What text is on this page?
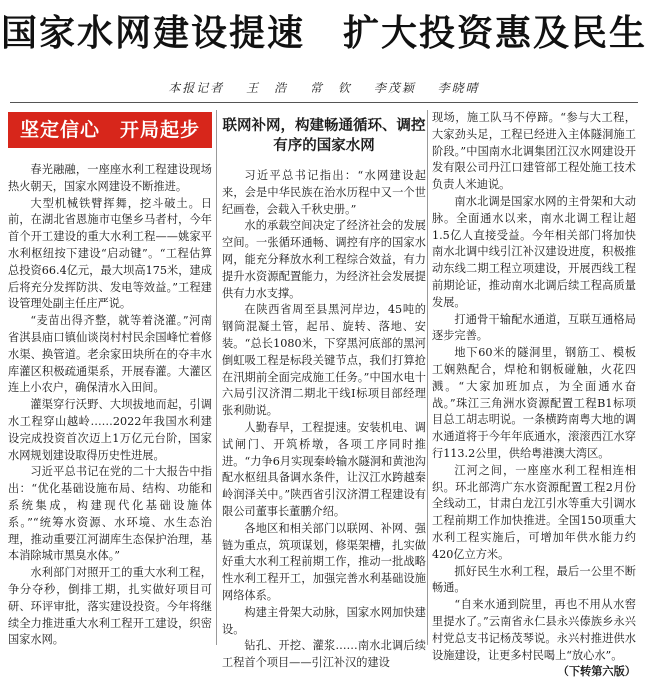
国家水网建设提速　扩大投资惠及民生
本报记者 王　浩 常　钦 李茂颖 李晓晴
坚定信心　开局起步

春光融融，一座座水利工程建设现场热火朝天，国家水网建设不断推进。

大型机械铁臂挥舞，挖斗破土。日前，在湖北省恩施市屯堡乡马者村，今年首个开工建设的重大水利工程——姚家平水利枢纽按下建设“启动键”。“工程估算总投资66.4亿元，最大坝高175米，建成后将充分发挥防洪、发电等效益。”工程建设管理处副主任庄严说。

“麦苗出得齐整，就等着浇灌。”河南省淇县庙口镇仙谈岗村村民余国峰忙着修水渠、换管道。老余家田块所在的夺丰水库灌区积极疏通渠系，开展春灌。大灌区连上小农户，确保清水入田间。

灌渠穿行沃野、大坝拔地而起，引调水工程穿山越岭……2022年我国水利建设完成投资首次迈上1万亿元台阶，国家水网规划建设取得历史性进展。

习近平总书记在党的二十大报告中指出：“优化基础设施布局、结构、功能和系统集成，构建现代化基础设施体系。”“统筹水资源、水环境、水生态治理，推动重要江河湖库生态保护治理，基本消除城市黑臭水体。”

水利部门对照开工的重大水利工程，争分夺秒，倒排工期，扎实做好项目可研、环评审批，落实建设投资。今年将继续全力推进重大水利工程开工建设，织密国家水网。

联网补网，构建畅通循环、调控有序的国家水网

习近平总书记指出：“水网建设起来，会是中华民族在治水历程中又一个世纪画卷，会载入千秋史册。”

水的承载空间决定了经济社会的发展空间。一张循环通畅、调控有序的国家水网，能充分释放水利工程综合效益，有力提升水资源配置能力，为经济社会发展提供有力水支撑。

在陕西省周至县黑河岸边，45吨的钢筒混凝土管，起吊、旋转、落地、安装。“总长1080米，下穿黑河底部的黑河倒虹吸工程是标段关键节点，我们打算抢在汛期前全面完成施工任务。”中国水电十六局引汉济渭二期北干线Ⅰ标项目部经理张利勋说。

人勤春早，工程提速。安装机电、调试闸门、开筑桥墩，各项工序同时推进。“力争6月实现秦岭输水隧洞和黄池沟配水枢纽具备调水条件，让汉江水跨越秦岭润泽关中。”陕西省引汉济渭工程建设有限公司董事长董鹏介绍。

各地区和相关部门以联网、补网、强链为重点，筑项谋划，修渠架槽，扎实做好重大水利工程前期工作，推动一批战略性水利工程开工，加强完善水利基础设施网络体系。

构建主骨架大动脉，国家水网加快建设。

钻孔、开挖、灌浆……南水北调后续工程首个项目——引江补汉的建设

现场，施工队马不停蹄。“参与大工程，大家劲头足，工程已经进入主体隧洞施工阶段。”中国南水北调集团江汉水网建设开发有限公司丹江口建管部工程处施工技术负责人米迪说。

南水北调是国家水网的主骨架和大动脉。全面通水以来，南水北调工程让超1.5亿人直接受益。今年相关部门将加快南水北调中线引江补汉建设进度，积极推动东线二期工程立项建设，开展西线工程前期论证，推动南水北调后续工程高质量发展。

打通骨干输配水通道，互联互通格局逐步完善。

地下60米的隧洞里，钢筋工、模板工娴熟配合，焊枪和钢板碰触，火花四溅。“大家加班加点，为全面通水奋战。”珠江三角洲水资源配置工程B1标项目总工胡志明说。一条横跨南粤大地的调水通道将于今年年底通水，滚滚西江水穿行113.2公里，供给粤港澳大湾区。

江河之间，一座座水利工程相连相织。环北部湾广东水资源配置工程2月份全线动工，甘肃白龙江引水等重大引调水工程前期工作加快推进。全国150项重大水利工程实施后，可增加年供水能力约420亿立方米。

抓好民生水利工程，最后一公里不断畅通。

“自来水通到院里，再也不用从水窖里提水了。”云南省永仁县永兴傣族乡永兴村党总支书记杨茂琴说。永兴村推进供水设施建设，让更多村民喝上“放心水”。

（下转第六版）
